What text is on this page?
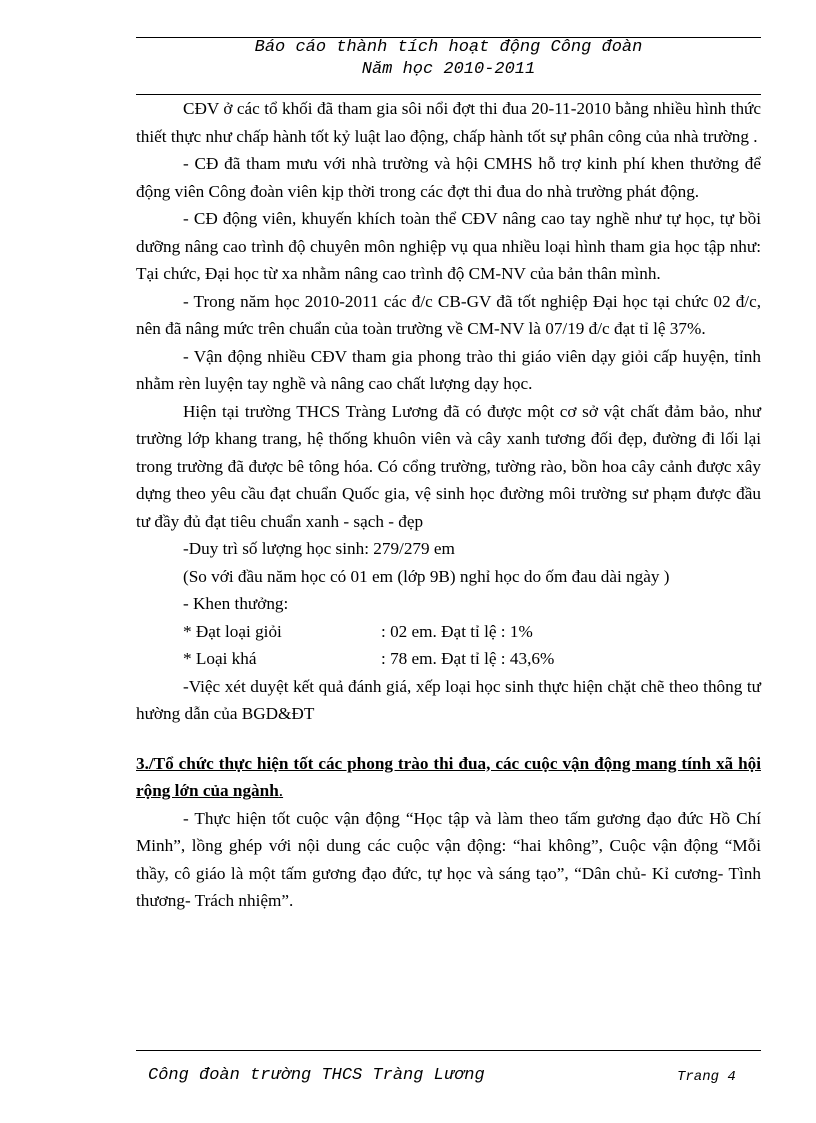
Báo cáo thành tích hoạt động Công đoàn
Năm học 2010-2011

CĐV ở các tổ khối đã tham gia sôi nổi đợt thi đua 20-11-2010 bằng nhiều hình thức thiết thực như chấp hành tốt kỷ luật lao động, chấp hành tốt sự phân công của nhà trường .

- CĐ đã tham mưu với nhà trường và hội CMHS hỗ trợ kinh phí khen thưởng để động viên Công đoàn viên kịp thời trong các đợt thi đua do nhà trường phát động.

- CĐ động viên, khuyến khích toàn thể CĐV nâng cao tay nghề như tự học, tự bồi dưỡng nâng cao trình độ chuyên môn nghiệp vụ qua nhiều loại hình tham gia học tập như: Tại chức, Đại học từ xa nhằm nâng cao trình độ CM-NV của bản thân mình.

- Trong năm học 2010-2011 các đ/c CB-GV đã tốt nghiệp Đại học tại chức 02 đ/c, nên đã nâng mức trên chuẩn của toàn trường về CM-NV là 07/19 đ/c đạt tỉ lệ 37%.

- Vận động nhiều CĐV tham gia phong trào thi giáo viên dạy giỏi cấp huyện, tỉnh nhằm rèn luyện tay nghề và nâng cao chất lượng dạy học.

Hiện tại trường THCS Tràng Lương đã có được một cơ sở vật chất đảm bảo, như trường lớp khang trang, hệ thống khuôn viên và cây xanh tương đối đẹp, đường đi lối lại trong trường đã được bê tông hóa. Có cổng trường, tường rào, bồn hoa cây cảnh được xây dựng theo yêu cầu đạt chuẩn Quốc gia, vệ sinh học đường môi trường sư phạm được đầu tư đầy đủ đạt tiêu chuẩn xanh - sạch - đẹp

-Duy trì số lượng học sinh: 279/279 em

(So với đầu năm học có 01 em (lớp 9B) nghỉ học do ốm đau dài ngày )

- Khen thưởng:

* Đạt loại giỏi	: 02 em. Đạt tỉ lệ : 1%
* Loại khá	: 78 em. Đạt tỉ lệ : 43,6%

-Việc xét duyệt kết quả đánh giá, xếp loại học sinh thực hiện chặt chẽ theo thông tư hường dẫn của BGD&ĐT

3./Tổ chức thực hiện tốt các phong trào thi đua, các cuộc vận động mang tính xã hội rộng lớn của ngành.

- Thực hiện tốt cuộc vận động “Học tập và làm theo tấm gương đạo đức Hồ Chí Minh”, lồng ghép với nội dung các cuộc vận động: “hai không”, Cuộc vận động “Mỗi thầy, cô giáo là một tấm gương đạo đức, tự học và sáng tạo”, “Dân chủ- Kỉ cương- Tình thương- Trách nhiệm”.

Công đoàn trường THCS Tràng Lương	Trang 4
